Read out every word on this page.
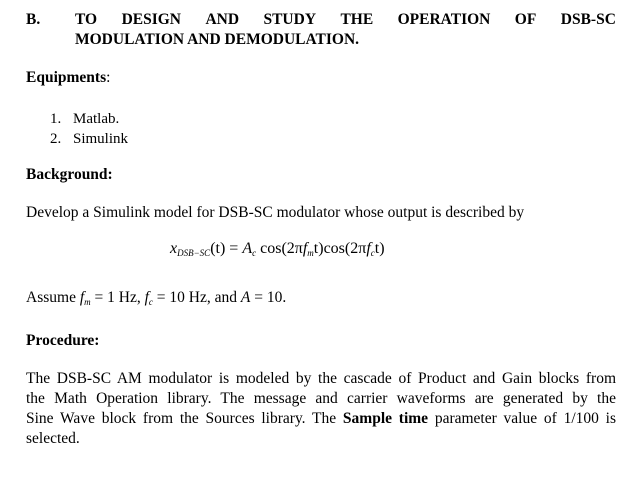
B. TO DESIGN AND STUDY THE OPERATION OF DSB-SC
MODULATION AND DEMODULATION.
Equipments:
1. Matlab.
2. Simulink
Background:
Develop a Simulink model for DSB-SC modulator whose output is described by
$x_{DSB-SC}(t) = A_c$ $\cos(2\pi f_mt)\cos(2\pi f_ct)$
Assume $f_m = 1$ Hz, $f_c = 10$ Hz, and A = 10.
Procedure:
The DSB-SC AM modulator is modeled by the cascade of Product and Gain blocks from
the Math Operation library. The message and carrier waveforms are generated by the
Sine Wave block from the Sources library. The Sample time parameter value of 1/100 is
selected.
